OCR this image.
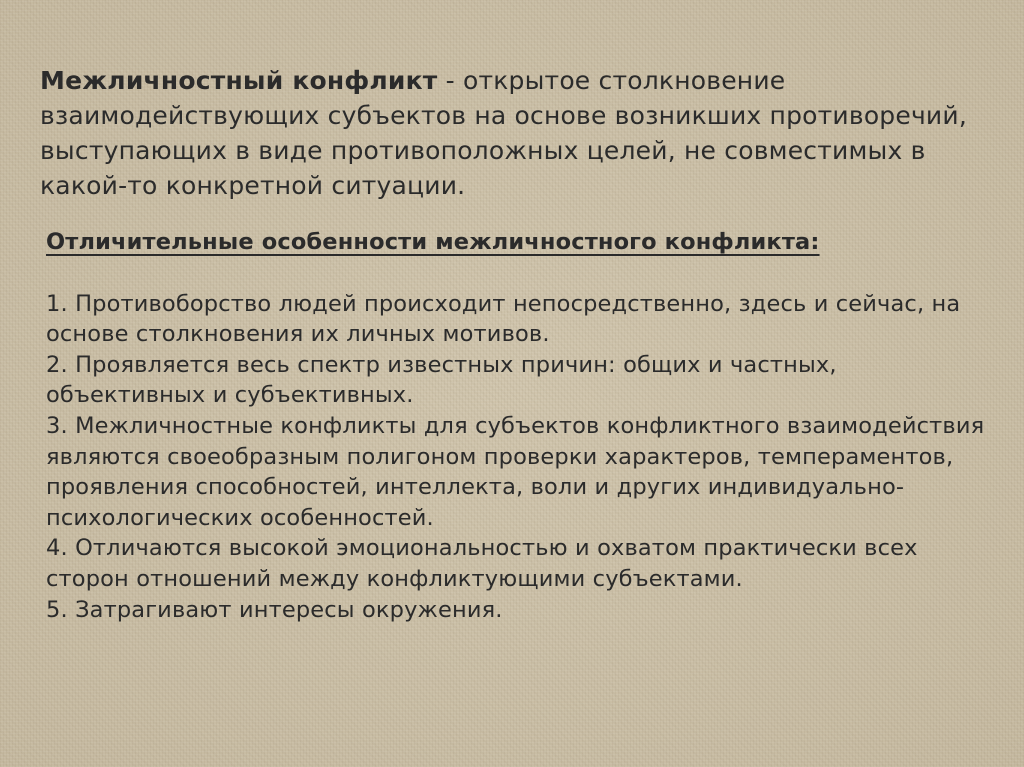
Межличностный конфликт - открытое столкновение взаимодействующих субъектов на основе возникших противоречий, выступающих в виде противоположных целей, не совместимых в какой-то конкретной ситуации.

Отличительные особенности межличностного конфликта:

1. Противоборство людей происходит непосредственно, здесь и сейчас, на основе столкновения их личных мотивов.

2. Проявляется весь спектр известных причин: общих и частных, объективных и субъективных.

3. Межличностные конфликты для субъектов конфликтного взаимодействия являются своеобразным полигоном проверки характеров, темпераментов, проявления способностей, интеллекта, воли и других индивидуально-психологических особенностей.

4. Отличаются высокой эмоциональностью и охватом практически всех сторон отношений между конфликтующими субъектами.

5. Затрагивают интересы окружения.
